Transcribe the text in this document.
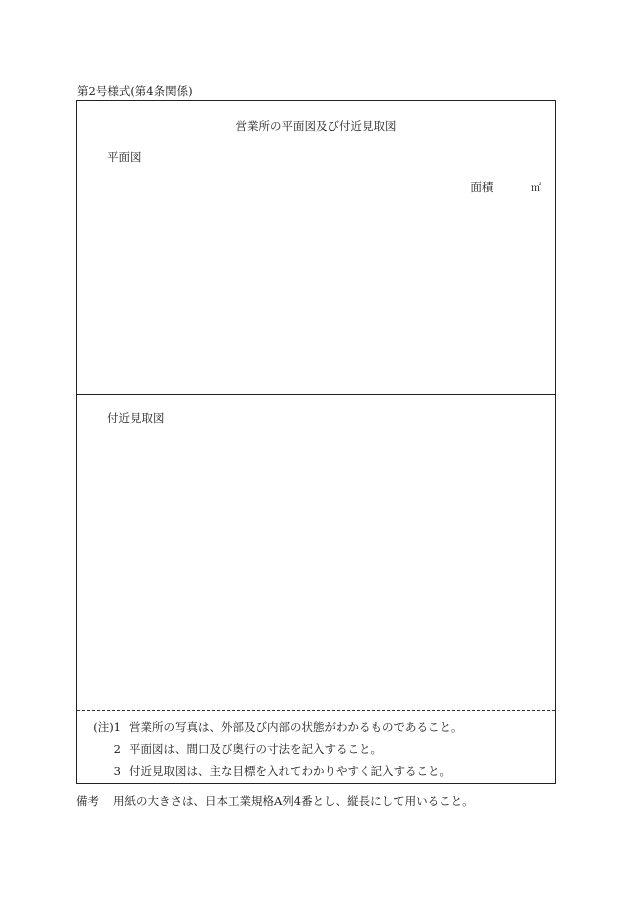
第2号様式(第4条関係)
営業所の平面図及び付近見取図
平面図
面積	㎡
付近見取図
(注)1 営業所の写真は、外部及び内部の状態がわかるものであること。
2 平面図は、間口及び奥行の寸法を記入すること。
3 付近見取図は、主な目標を入れてわかりやすく記入すること。
備考 用紙の大きさは、日本工業規格A列4番とし、縦長にして用いること。
